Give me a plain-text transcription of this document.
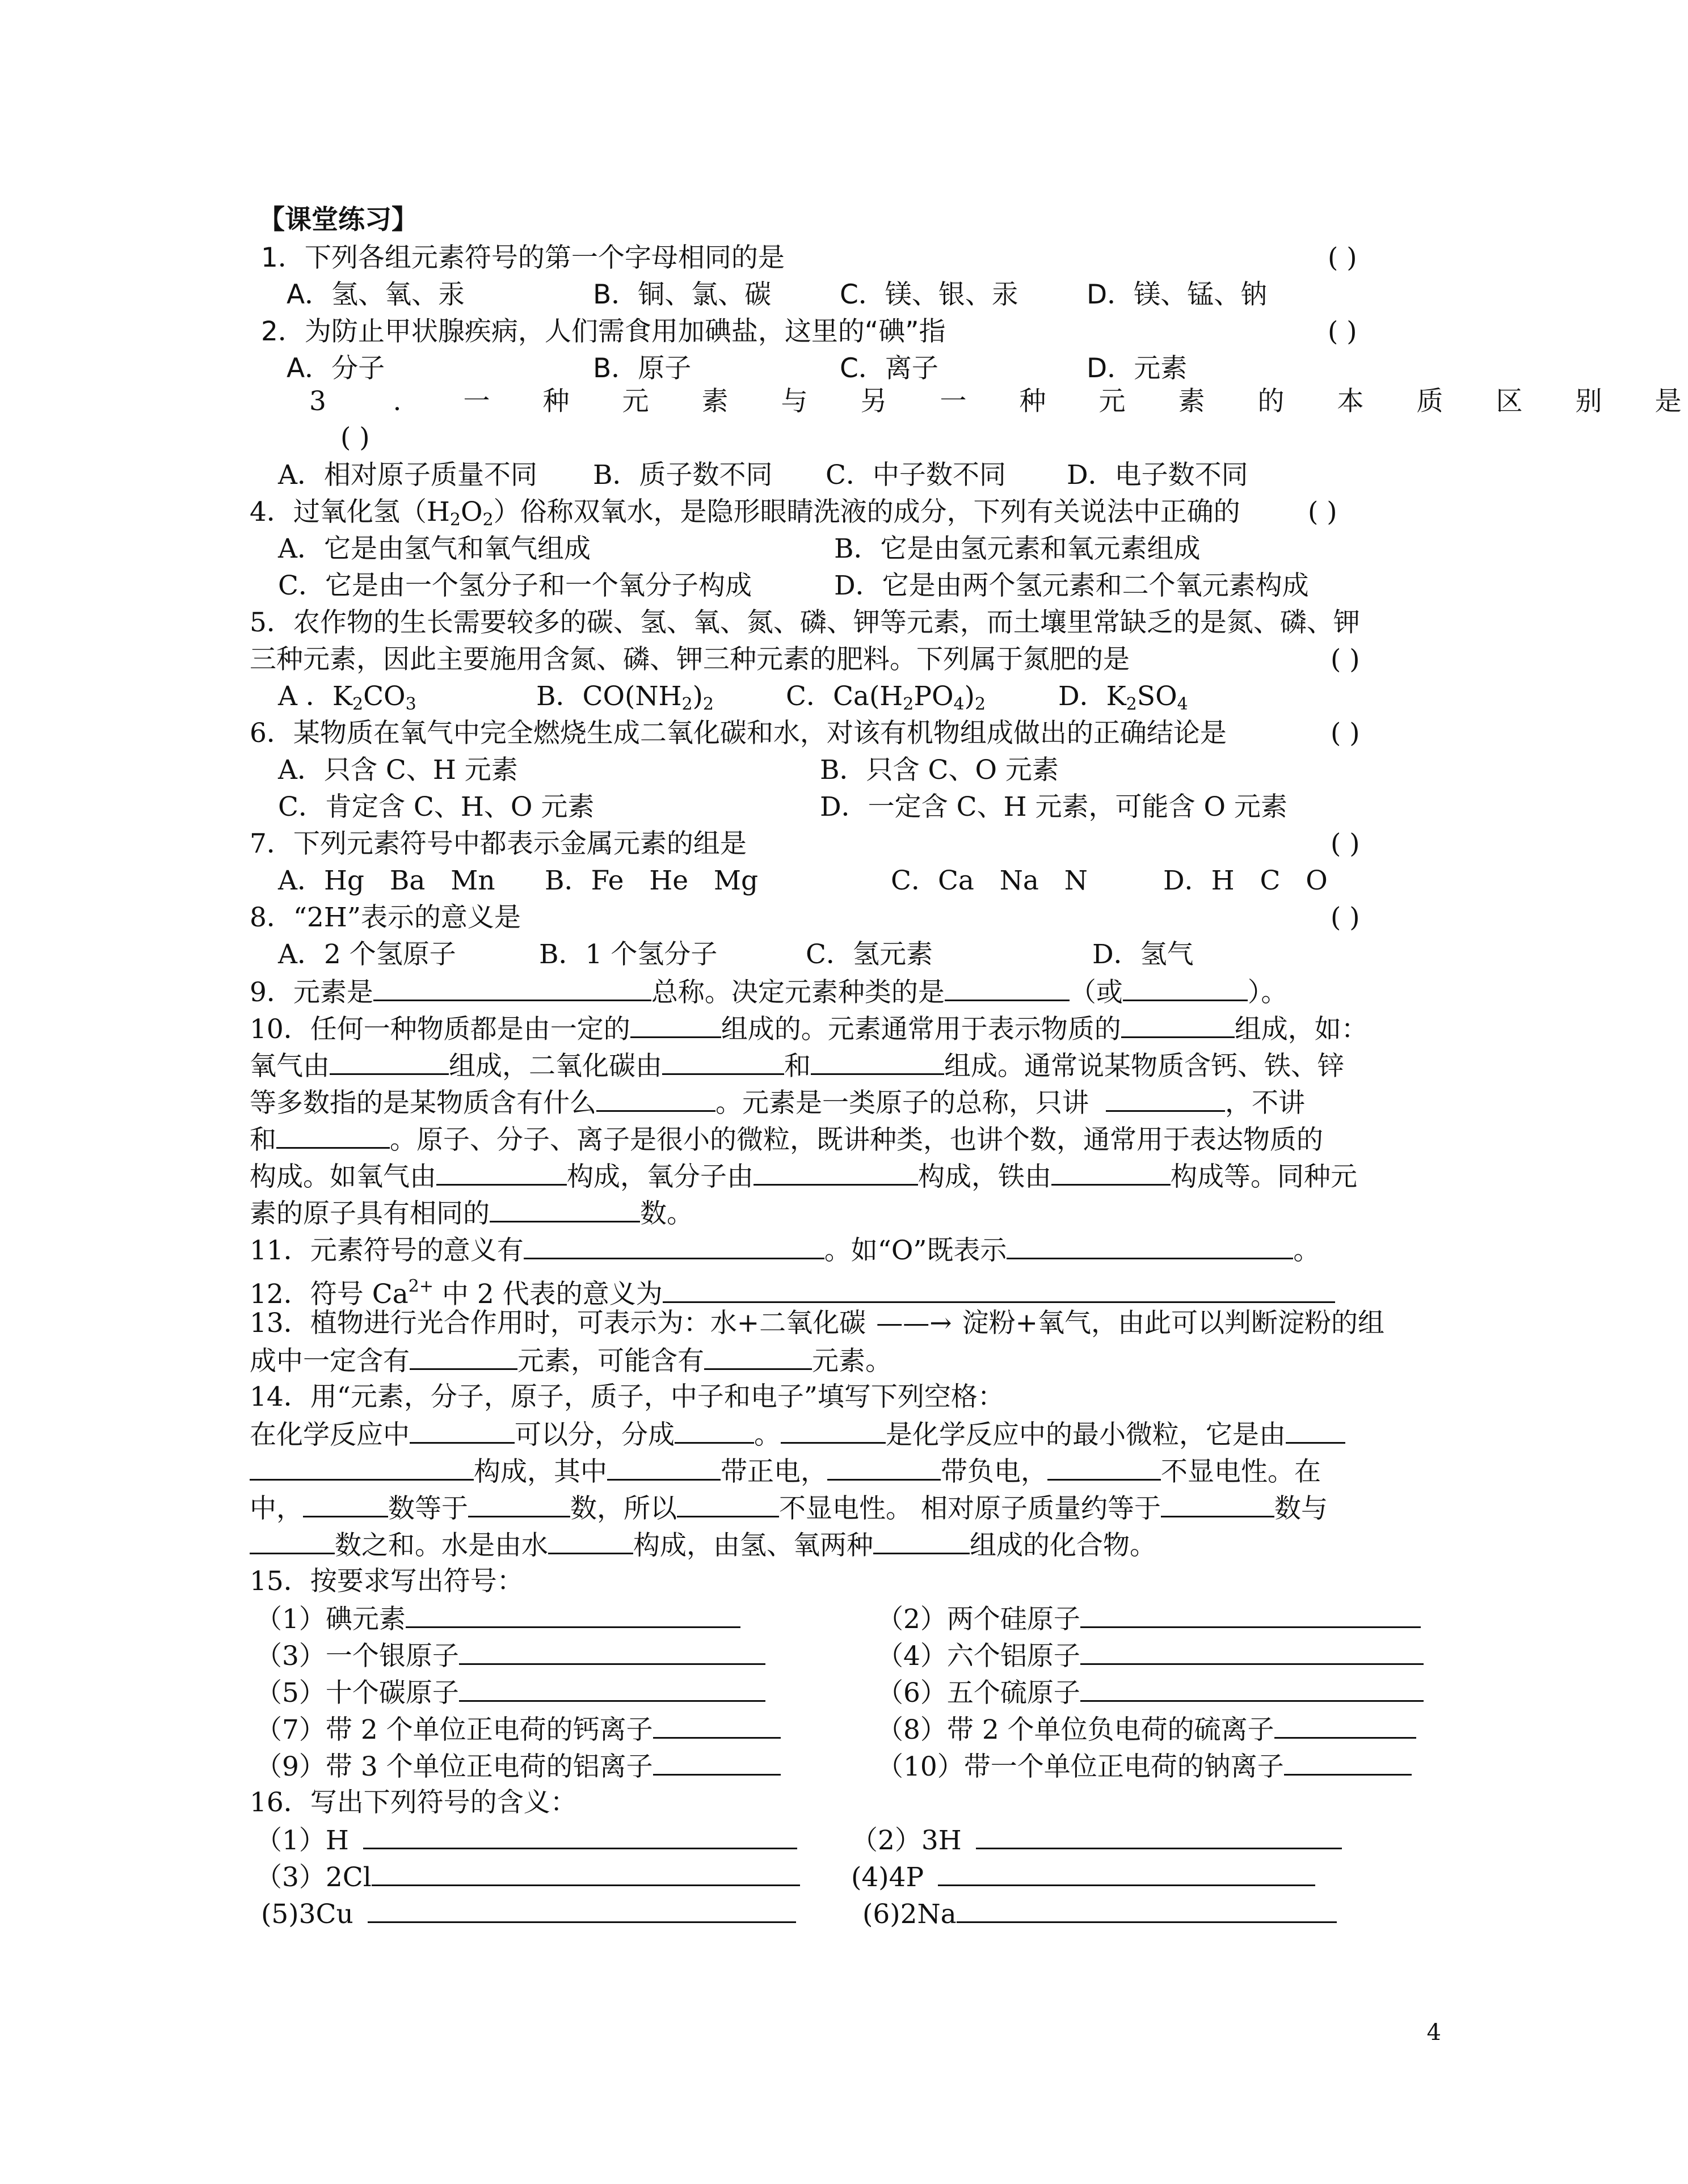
【课堂练习】
1．下列各组元素符号的第一个字母相同的是	( )
A．氢、氧、汞	B．铜、氯、碳	C．镁、银、汞	D．镁、锰、钠
2．为防止甲状腺疾病，人们需食用加碘盐，这里的“碘”指	( )
A．分子	B．原子	C．离子	D．元素
3	. 一 种 元 素 与 另 一 种 元 素 的 本 质 区 别 是
( )
A．相对原子质量不同 B．质子数不同 C．中子数不同 D．电子数不同
4．过氧化氢$(H_2O_2)$俗称双氧水，是隐形眼睛洗液的成分，下列有关说法中正确的	( )
A．它是由氢气和氧气组成	B．它是由氢元素和氧元素组成
C．它是由一个氢分子和一个氧分子构成	D．它是由两个氢元素和二个氧元素构成
5．农作物的生长需要较多的碳、氢、氧、氮、磷、钾等元素，而土壤里常缺乏的是氮、磷、钾
三种元素，因此主要施用含氮、磷、钾三种元素的肥料。下列属于氮肥的是	( )
A ．$K_2CO_3$	B．$CO(NH_2)_2$	C．$Ca(H_2PO_4)_2$	D．$K_2SO_4$
6．某物质在氧气中完全燃烧生成二氧化碳和水，对该有机物组成做出的正确结论是	( )
A．只含 C、H 元素	B．只含 C、O 元素
C．肯定含 C、H、O 元素	D．一定含 C、H 元素，可能含 O 元素
7．下列元素符号中都表示金属元素的组是	( )
A．Hg   Ba   Mn B．Fe   He   Mg	C．Ca   Na   N	D．H   C   O
8．“2H”表示的意义是	( )
A．2 个氢原子	B．1 个氢分子	C．氢元素	D．氢气
9．元素是	总称。决定元素种类的是	（或	）。
10．任何一种物质都是由一定的	组成的。元素通常用于表示物质的	组成，如：
氧气由	组成，二氧化碳由	和	组成。通常说某物质含钙、铁、锌
等多数指的是某物质含有什么	。元素是一类原子的总称，只讲	，不讲
和	。原子、分子、离子是很小的微粒，既讲种类，也讲个数，通常用于表达物质的
构成。如氧气由	构成，氧分子由	构成，铁由	构成等。同种元
素的原子具有相同的	数。
11．元素符号的意义有	。如“O”既表示	。
12．符号 $Ca^{2+}$ 中 2 代表的意义为
13．植物进行光合作用时，可表示为：水+二氧化碳 ——→ 淀粉+氧气，由此可以判断淀粉的组
成中一定含有	元素，可能含有	元素。
14．用“元素，分子，原子，质子，中子和电子”填写下列空格：
在化学反应中	可以分，分成	。	是化学反应中的最小微粒，它是由
构成，其中	带正电，	带负电，	不显电性。在
中，	数等于	数，所以	不显电性。 相对原子质量约等于	数与
数之和。水是由水	构成，由氢、氧两种	组成的化合物。
15．按要求写出符号：
（1）碘元素	（2）两个硅原子
（3）一个银原子	（4）六个铝原子
（5）十个碳原子	（6）五个硫原子
（7）带 2 个单位正电荷的钙离子	（8）带 2 个单位负电荷的硫离子
（9）带 3 个单位正电荷的铝离子	（10）带一个单位正电荷的钠离子
16．写出下列符号的含义：
（1）H	（2）3H
（3）2Cl	(4)4P
(5)3Cu	(6)2Na
4
